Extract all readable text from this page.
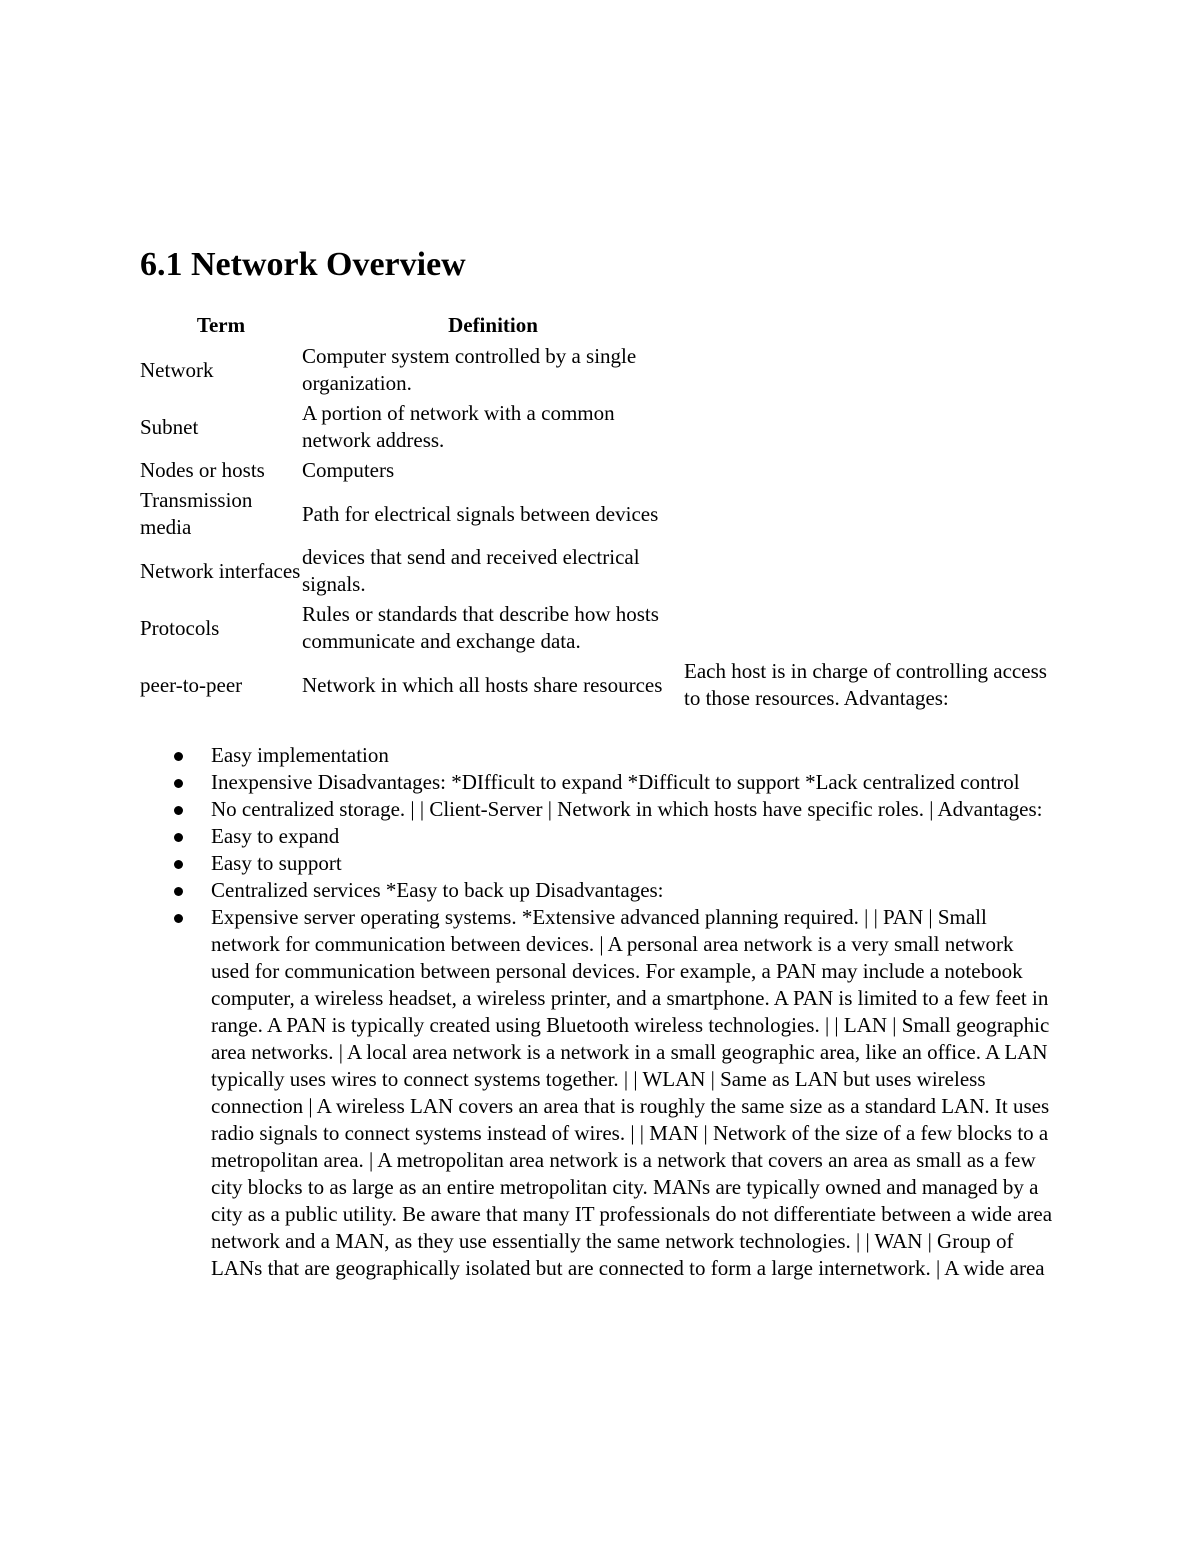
6.1 Network Overview
Term	Definition	
Network	Computer system controlled by a single organization.	
Subnet	A portion of network with a common network address.	
Nodes or hosts	Computers	
Transmission media	Path for electrical signals between devices	
Network interfaces	devices that send and received electrical signals.	
Protocols	Rules or standards that describe how hosts communicate and exchange data.	
peer-to-peer	Network in which all hosts share resources	Each host is in charge of controlling access to those resources. Advantages:
Easy implementation
Inexpensive Disadvantages: *DIfficult to expand *Difficult to support *Lack centralized control
No centralized storage. | | Client-Server | Network in which hosts have specific roles. | Advantages:
Easy to expand
Easy to support
Centralized services *Easy to back up Disadvantages:
Expensive server operating systems. *Extensive advanced planning required. | | PAN | Small network for communication between devices. | A personal area network is a very small network used for communication between personal devices. For example, a PAN may include a notebook computer, a wireless headset, a wireless printer, and a smartphone. A PAN is limited to a few feet in range. A PAN is typically created using Bluetooth wireless technologies. | | LAN | Small geographic area networks. | A local area network is a network in a small geographic area, like an office. A LAN typically uses wires to connect systems together. | | WLAN | Same as LAN but uses wireless connection | A wireless LAN covers an area that is roughly the same size as a standard LAN. It uses radio signals to connect systems instead of wires. | | MAN | Network of the size of a few blocks to a metropolitan area. | A metropolitan area network is a network that covers an area as small as a few city blocks to as large as an entire metropolitan city. MANs are typically owned and managed by a city as a public utility. Be aware that many IT professionals do not differentiate between a wide area network and a MAN, as they use essentially the same network technologies. | | WAN | Group of LANs that are geographically isolated but are connected to form a large internetwork. | A wide area
